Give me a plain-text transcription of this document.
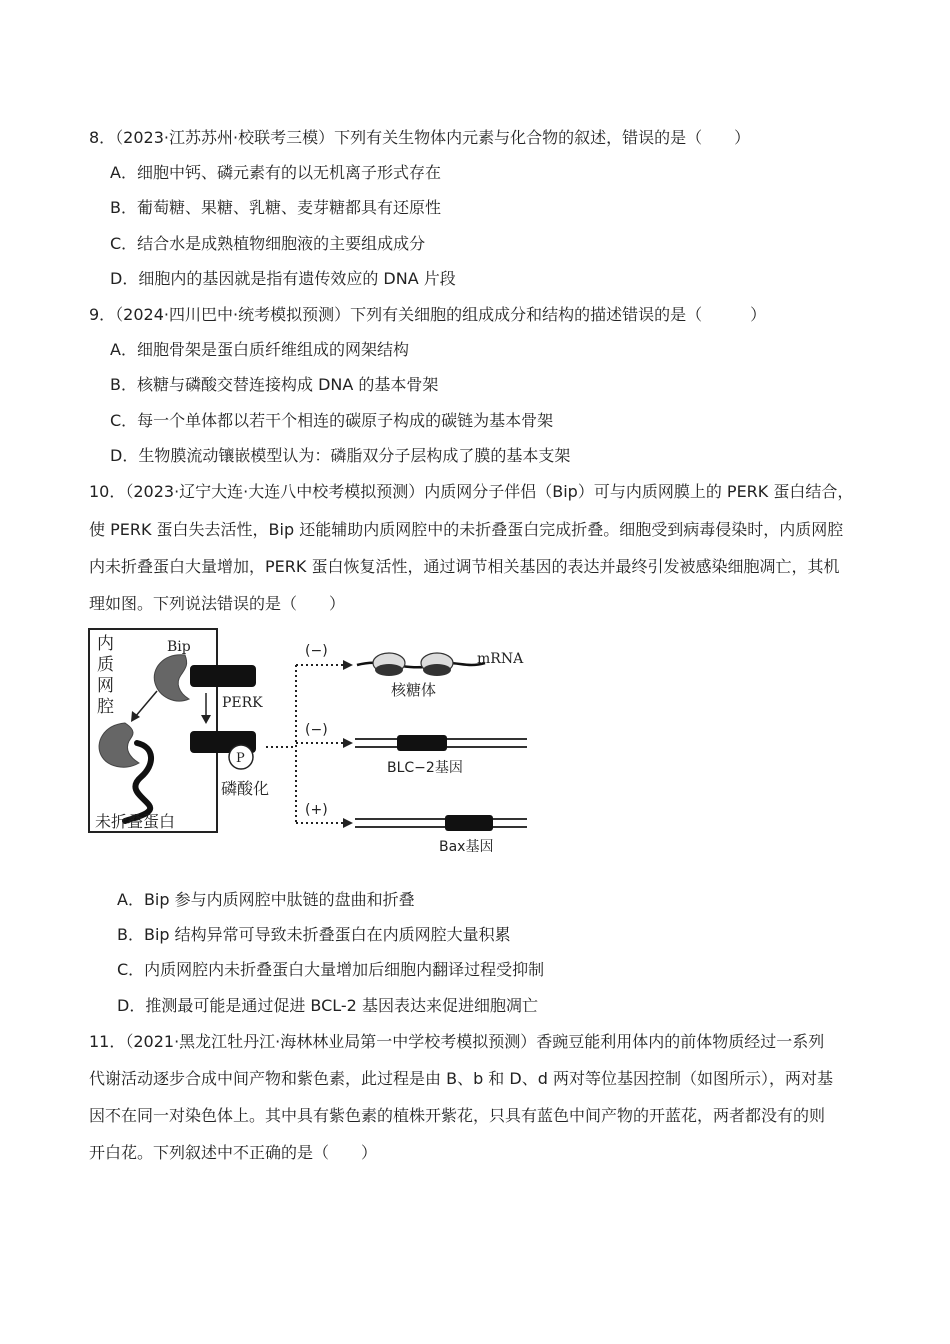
8．（2023·江苏苏州·校联考三模）下列有关生物体内元素与化合物的叙述，错误的是（　　）
A．细胞中钙、磷元素有的以无机离子形式存在
B．葡萄糖、果糖、乳糖、麦芽糖都具有还原性
C．结合水是成熟植物细胞液的主要组成成分
D．细胞内的基因就是指有遗传效应的 DNA 片段
9．（2024·四川巴中·统考模拟预测）下列有关细胞的组成成分和结构的描述错误的是（　　　）
A．细胞骨架是蛋白质纤维组成的网架结构
B．核糖与磷酸交替连接构成 DNA 的基本骨架
C．每一个单体都以若干个相连的碳原子构成的碳链为基本骨架
D．生物膜流动镶嵌模型认为：磷脂双分子层构成了膜的基本支架
10．（2023·辽宁大连·大连八中校考模拟预测）内质网分子伴侣（Bip）可与内质网膜上的 PERK 蛋白结合，
使 PERK 蛋白失去活性，Bip 还能辅助内质网腔中的未折叠蛋白完成折叠。细胞受到病毒侵染时，内质网腔
内未折叠蛋白大量增加，PERK 蛋白恢复活性，通过调节相关基因的表达并最终引发被感染细胞凋亡，其机
理如图。下列说法错误的是（　　）
内
质
网
腔
Bip
PERK
未折叠蛋白
P
磷酸化
(−)
(−)
(+)
mRNA
核糖体
BLC−2基因
Bax基因
A．Bip 参与内质网腔中肽链的盘曲和折叠
B．Bip 结构异常可导致未折叠蛋白在内质网腔大量积累
C．内质网腔内未折叠蛋白大量增加后细胞内翻译过程受抑制
D．推测最可能是通过促进 BCL-2 基因表达来促进细胞凋亡
11．（2021·黑龙江牡丹江·海林林业局第一中学校考模拟预测）香豌豆能利用体内的前体物质经过一系列
代谢活动逐步合成中间产物和紫色素，此过程是由 B、b 和 D、d 两对等位基因控制（如图所示），两对基
因不在同一对染色体上。其中具有紫色素的植株开紫花，只具有蓝色中间产物的开蓝花，两者都没有的则
开白花。下列叙述中不正确的是（　　）
